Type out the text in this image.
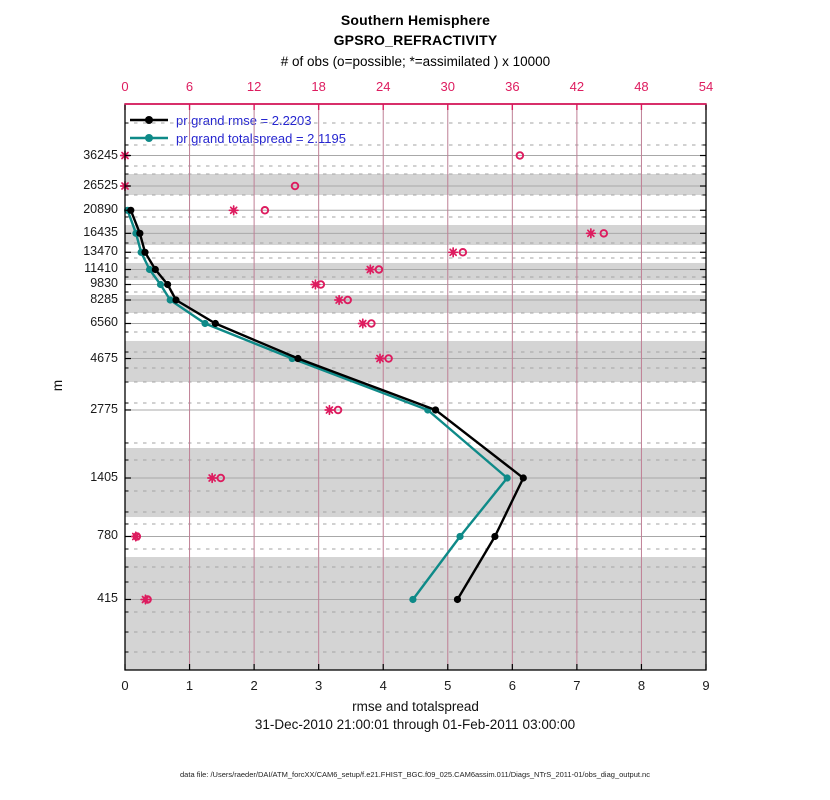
Southern Hemisphere
GPSRO_REFRACTIVITY
# of obs (o=possible; *=assimilated ) x 10000
0	6	12	18	24	30	36	42	48	54
pr grand rmse = 2.2203
pr grand totalspread = 2.1195
36245
26525
20890
16435
13470
11410
9830
8285
6560
4675
2775
1405
780
415
m
0	1	2	3	4	5	6	7	8	9
rmse and totalspread
31-Dec-2010 21:00:01 through 01-Feb-2011 03:00:00
data file: /Users/raeder/DAI/ATM_forcXX/CAM6_setup/f.e21.FHIST_BGC.f09_025.CAM6assim.011/Diags_NTrS_2011-01/obs_diag_output.nc
